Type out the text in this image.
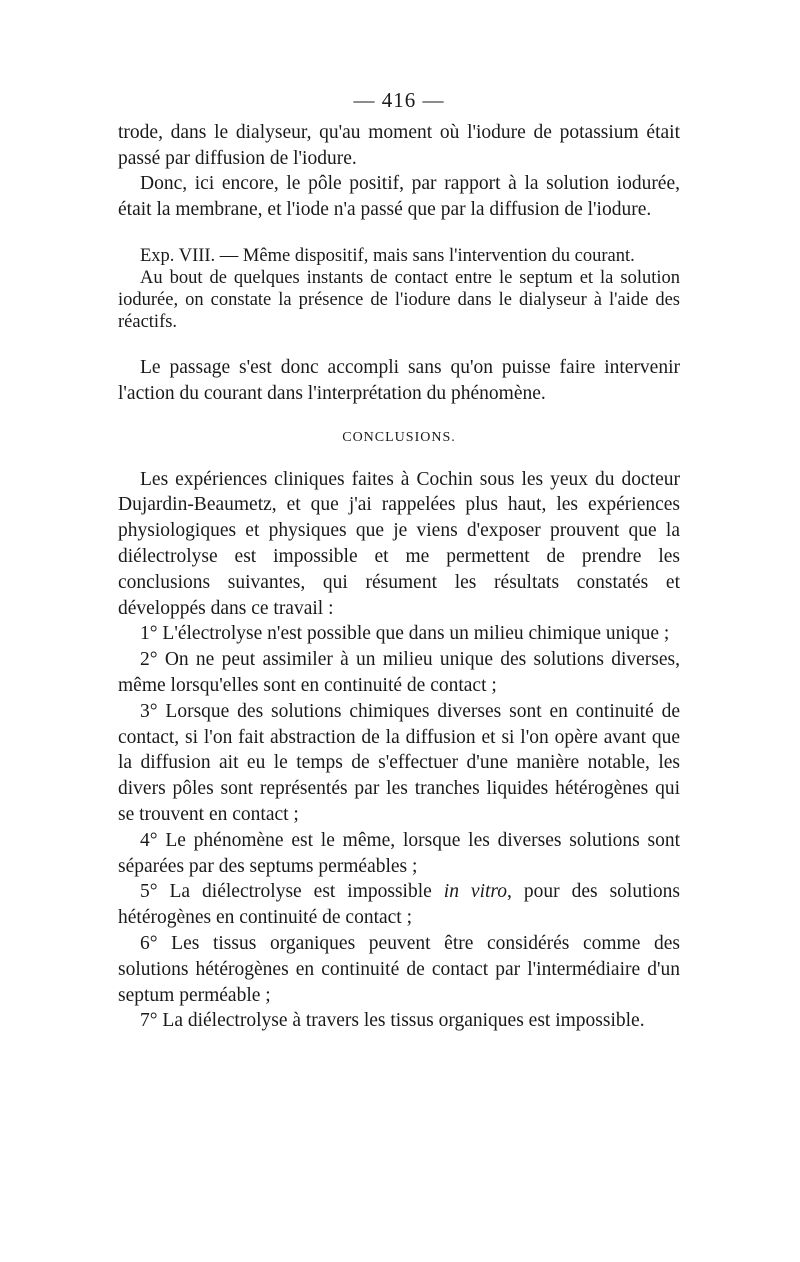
— 416 —

trode, dans le dialyseur, qu'au moment où l'iodure de potassium était passé par diffusion de l'iodure.

Donc, ici encore, le pôle positif, par rapport à la solution iodurée, était la membrane, et l'iode n'a passé que par la diffusion de l'iodure.

Exp. VIII. — Même dispositif, mais sans l'intervention du courant.

Au bout de quelques instants de contact entre le septum et la solution iodurée, on constate la présence de l'iodure dans le dialyseur à l'aide des réactifs.

Le passage s'est donc accompli sans qu'on puisse faire intervenir l'action du courant dans l'interprétation du phénomène.

CONCLUSIONS.

Les expériences cliniques faites à Cochin sous les yeux du docteur Dujardin-Beaumetz, et que j'ai rappelées plus haut, les expériences physiologiques et physiques que je viens d'exposer prouvent que la diélectrolyse est impossible et me permettent de prendre les conclusions suivantes, qui résument les résultats constatés et développés dans ce travail :

1° L'électrolyse n'est possible que dans un milieu chimique unique ;

2° On ne peut assimiler à un milieu unique des solutions diverses, même lorsqu'elles sont en continuité de contact ;

3° Lorsque des solutions chimiques diverses sont en continuité de contact, si l'on fait abstraction de la diffusion et si l'on opère avant que la diffusion ait eu le temps de s'effectuer d'une manière notable, les divers pôles sont représentés par les tranches liquides hétérogènes qui se trouvent en contact ;

4° Le phénomène est le même, lorsque les diverses solutions sont séparées par des septums perméables ;

5° La diélectrolyse est impossible in vitro, pour des solutions hétérogènes en continuité de contact ;

6° Les tissus organiques peuvent être considérés comme des solutions hétérogènes en continuité de contact par l'intermédiaire d'un septum perméable ;

7° La diélectrolyse à travers les tissus organiques est impossible.
